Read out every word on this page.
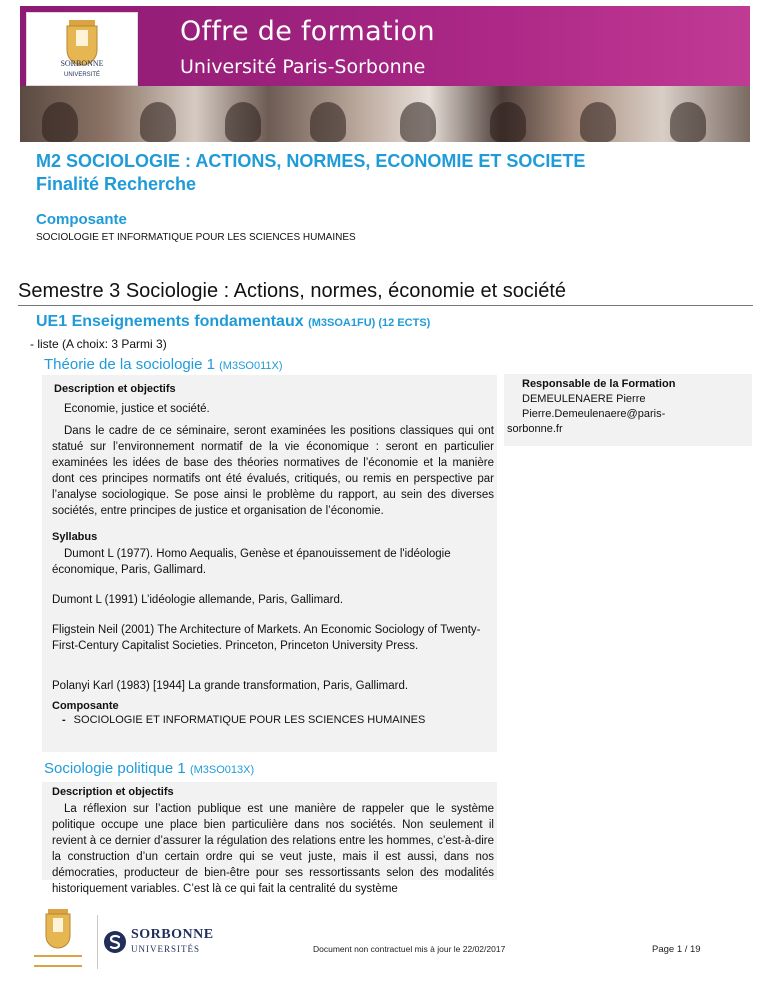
SORBONNE
UNIVERSITÉ
Offre de formation
Université Paris-Sorbonne
M2 SOCIOLOGIE : ACTIONS, NORMES, ECONOMIE ET SOCIETE
Finalité Recherche
Composante
SOCIOLOGIE ET INFORMATIQUE POUR LES SCIENCES HUMAINES
Semestre 3 Sociologie : Actions, normes, économie et société
UE1 Enseignements fondamentaux (M3SOA1FU) (12 ECTS)
- liste (A choix: 3 Parmi 3)
Théorie de la sociologie 1 (M3SO011X)
Description et objectifs
Economie, justice et société.
Dans le cadre de ce séminaire, seront examinées les positions classiques qui ont statué sur l’environnement normatif de la vie économique : seront en particulier examinées les idées de base des théories normatives de l’économie et la manière dont ces principes normatifs ont été évalués, critiqués, ou remis en perspective par l’analyse sociologique. Se pose ainsi le problème du rapport, au sein des diverses sociétés, entre principes de justice et organisation de l’économie.
Syllabus
Dumont L (1977). Homo Aequalis, Genèse et épanouissement de l'idéologie économique, Paris, Gallimard.
Dumont L (1991) L’idéologie allemande, Paris, Gallimard.
Fligstein Neil (2001) The Architecture of Markets. An Economic Sociology of Twenty-First-Century Capitalist Societies. Princeton, Princeton University Press.
Polanyi Karl (1983) [1944] La grande transformation, Paris, Gallimard.
Composante
- SOCIOLOGIE ET INFORMATIQUE POUR LES SCIENCES HUMAINES
Responsable de la Formation
DEMEULENAERE Pierre
Pierre.Demeulenaere@paris-sorbonne.fr
Sociologie politique 1 (M3SO013X)
Description et objectifs
La réflexion sur l’action publique est une manière de rappeler que le système politique occupe une place bien particulière dans nos sociétés. Non seulement il revient à ce dernier d’assurer la régulation des relations entre les hommes, c’est-à-dire la construction d’un certain ordre qui se veut juste, mais il est aussi, dans nos démocraties, producteur de bien-être pour ses ressortissants selon des modalités historiquement variables. C’est là ce qui fait la centralité du système
SORBONNE
UNIVERSITÉS	Document non contractuel mis à jour le 22/02/2017	Page 1 / 19
